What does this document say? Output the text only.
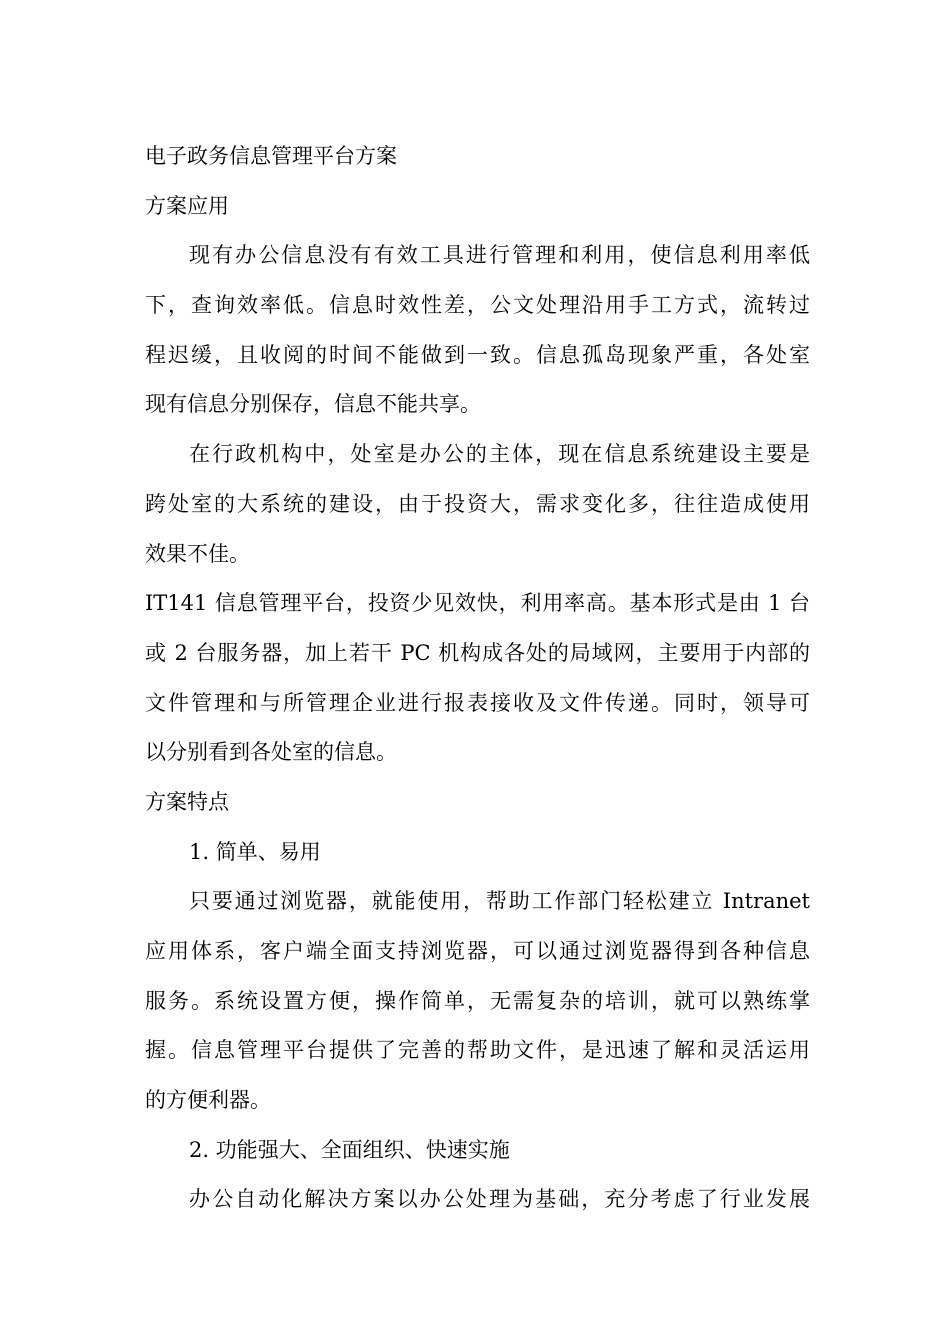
电子政务信息管理平台方案
方案应用
现有办公信息没有有效工具进行管理和利用，使信息利用率低
下，查询效率低。信息时效性差，公文处理沿用手工方式，流转过
程迟缓，且收阅的时间不能做到一致。信息孤岛现象严重，各处室
现有信息分别保存，信息不能共享。
在行政机构中，处室是办公的主体，现在信息系统建设主要是
跨处室的大系统的建设，由于投资大，需求变化多，往往造成使用
效果不佳。
IT141 信息管理平台，投资少见效快，利用率高。基本形式是由 1 台
或 2 台服务器，加上若干 PC 机构成各处的局域网，主要用于内部的
文件管理和与所管理企业进行报表接收及文件传递。同时，领导可
以分别看到各处室的信息。
方案特点
1. 简单、易用
只要通过浏览器，就能使用，帮助工作部门轻松建立 Intranet
应用体系，客户端全面支持浏览器，可以通过浏览器得到各种信息
服务。系统设置方便，操作简单，无需复杂的培训，就可以熟练掌
握。信息管理平台提供了完善的帮助文件，是迅速了解和灵活运用
的方便利器。
2. 功能强大、全面组织、快速实施
办公自动化解决方案以办公处理为基础，充分考虑了行业发展
